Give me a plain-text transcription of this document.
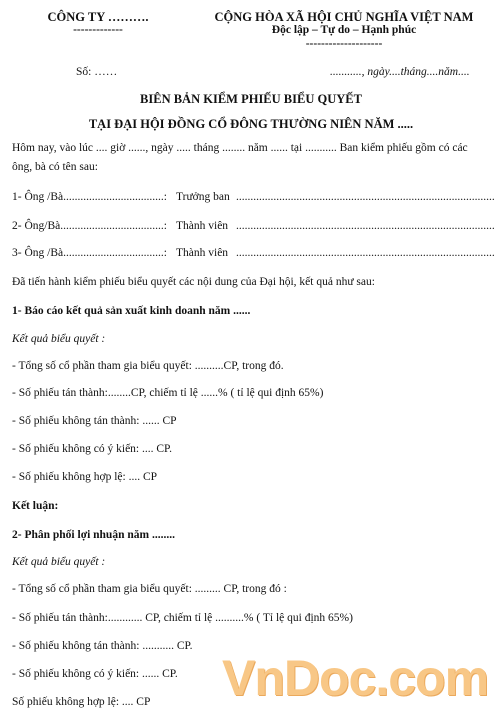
CÔNG TY ……….
-------------
CỘNG HÒA XÃ HỘI CHỦ NGHĨA VIỆT NAM
Độc lập – Tự do – Hạnh phúc
--------------------
Số: ……	..........., ngày....tháng....năm....
BIÊN BẢN KIỂM PHIẾU BIỂU QUYẾT
TẠI ĐẠI HỘI ĐỒNG CỔ ĐÔNG THƯỜNG NIÊN NĂM .....
Hôm nay, vào lúc .... giờ ......, ngày ..... tháng ........ năm ...... tại ........... Ban kiểm phiếu gồm có các
ông, bà có tên sau:
1- Ông /Bà...................................: Trưởng ban ..........................................................................................
2- Ông/Bà....................................: Thành viên ..........................................................................................
3- Ông /Bà...................................: Thành viên ..........................................................................................
Đã tiến hành kiểm phiếu biểu quyết các nội dung của Đại hội, kết quả như sau:
1- Báo cáo kết quả sản xuất kinh doanh năm ......
Kết quả biểu quyết :
- Tổng số cổ phần tham gia biểu quyết: ..........CP, trong đó.
- Số phiếu tán thành:........CP, chiếm tỉ lệ ......% ( tỉ lệ qui định 65%)
- Số phiếu không tán thành: ...... CP
- Số phiếu không có ý kiến: .... CP.
- Số phiếu không hợp lệ: .... CP
Kết luận:
2- Phân phối lợi nhuận năm ........
Kết quả biểu quyết :
- Tổng số cổ phần tham gia biểu quyết: ......... CP, trong đó :
- Số phiếu tán thành:............ CP, chiếm tỉ lệ ..........% ( Tỉ lệ qui định 65%)
- Số phiếu không tán thành: ........... CP.
- Số phiếu không có ý kiến: ...... CP.
Số phiếu không hợp lệ: .... CP VnDoc.com
